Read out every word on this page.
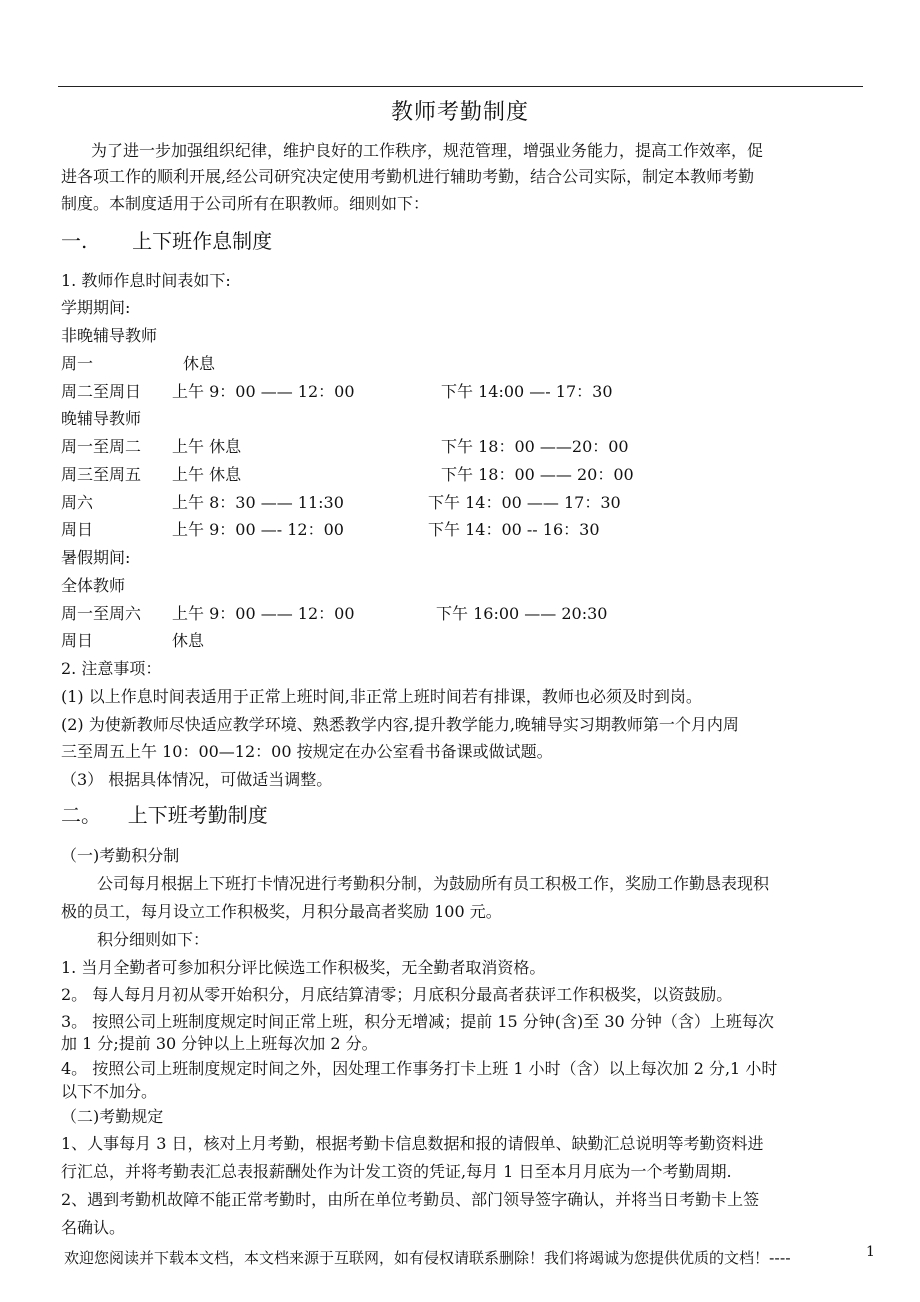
教师考勤制度
为了进一步加强组织纪律，维护良好的工作秩序，规范管理，增强业务能力，提高工作效率，促
进各项工作的顺利开展,经公司研究决定使用考勤机进行辅助考勤，结合公司实际，制定本教师考勤
制度。本制度适用于公司所有在职教师。细则如下：
一. 上下班作息制度
1. 教师作息时间表如下:
学期期间:
非晚辅导教师
周一	休息
周二至周日 上午 9：00 —— 12：00	下午 14:00 —- 17：30
晚辅导教师
周一至周二 上午 休息	下午 18：00 ——20：00
周三至周五 上午 休息	下午 18：00 —— 20：00
周六	上午 8：30 —— 11:30	下午 14：00 —— 17：30
周日	上午 9：00 —- 12：00	下午 14：00 -- 16：30
暑假期间:
全体教师
周一至周六 上午 9：00 —— 12：00	下午 16:00 —— 20:30
周日	休息
2. 注意事项：
(1) 以上作息时间表适用于正常上班时间,非正常上班时间若有排课，教师也必须及时到岗。
(2) 为使新教师尽快适应教学环境、熟悉教学内容,提升教学能力,晚辅导实习期教师第一个月内周
三至周五上午 10：00—12：00 按规定在办公室看书备课或做试题。
（3） 根据具体情况，可做适当调整。
二。 上下班考勤制度
（一)考勤积分制
公司每月根据上下班打卡情况进行考勤积分制，为鼓励所有员工积极工作，奖励工作勤恳表现积
极的员工，每月设立工作积极奖，月积分最高者奖励 100 元。
积分细则如下：
1. 当月全勤者可参加积分评比候选工作积极奖，无全勤者取消资格。
2。 每人每月月初从零开始积分，月底结算清零；月底积分最高者获评工作积极奖，以资鼓励。
3。 按照公司上班制度规定时间正常上班，积分无增减；提前 15 分钟(含)至 30 分钟（含）上班每次
加 1 分;提前 30 分钟以上上班每次加 2 分。
4。 按照公司上班制度规定时间之外，因处理工作事务打卡上班 1 小时（含）以上每次加 2 分,1 小时
以下不加分。
（二)考勤规定
1、人事每月 3 日，核对上月考勤，根据考勤卡信息数据和报的请假单、缺勤汇总说明等考勤资料进
行汇总，并将考勤表汇总表报薪酬处作为计发工资的凭证,每月 1 日至本月月底为一个考勤周期.
2、遇到考勤机故障不能正常考勤时，由所在单位考勤员、部门领导签字确认，并将当日考勤卡上签
名确认。
欢迎您阅读并下载本文档，本文档来源于互联网，如有侵权请联系删除！我们将竭诚为您提供优质的文档！----	1
